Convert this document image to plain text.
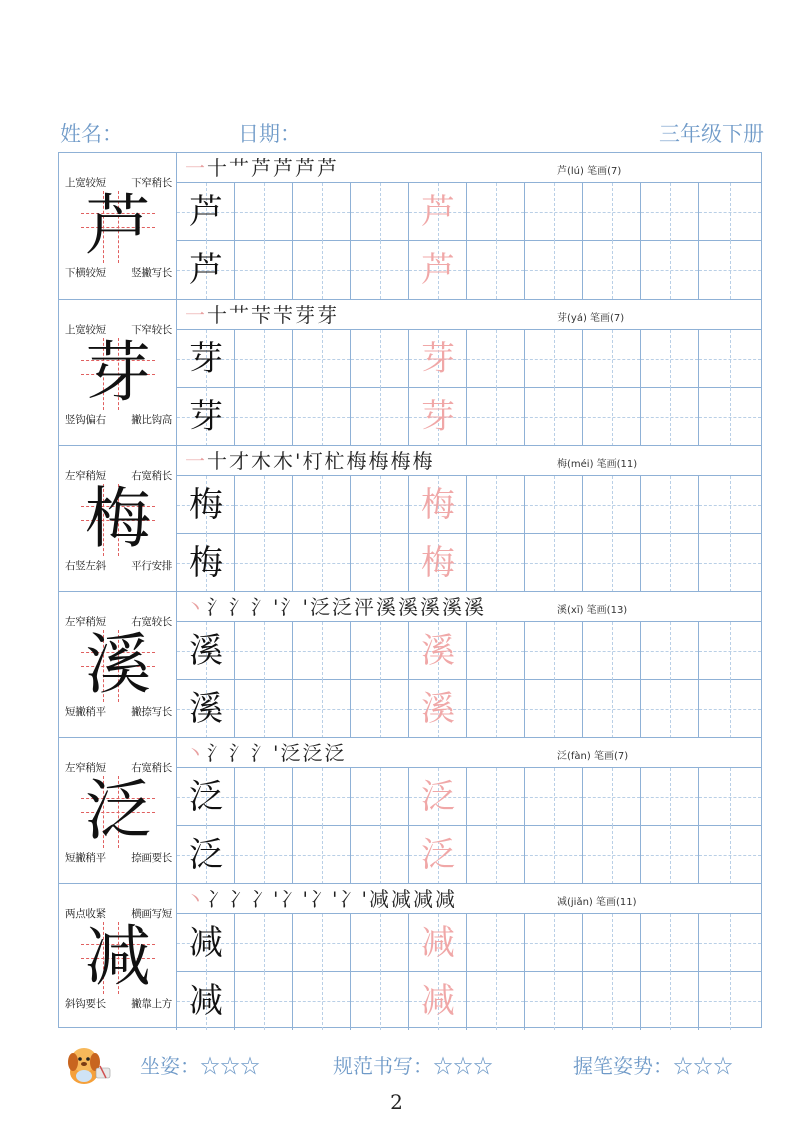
姓名：	日期：	三年级下册
上宽较短 下窄稍长
下横较短 竖撇写长
芦
一十艹芦芦芦芦	芦(lú) 笔画(7)
芦	芦
芦	芦
上宽较短 下窄较长
竖钩偏右 撇比钩高
芽
一十艹芐芐芽芽	芽(yá) 笔画(7)
芽	芽
芽	芽
左窄稍短 右宽稍长
右竖左斜 平行安排
梅
一十才木木'朾杧梅梅梅梅	梅(méi) 笔画(11)
梅	梅
梅	梅
左窄稍短 右宽较长
短撇稍平 撇捺写长
溪
丶氵氵氵'氵'泛泛泙溪溪溪溪溪	溪(xī) 笔画(13)
溪	溪
溪	溪
左窄稍短 右宽稍长
短撇稍平 捺画要长
泛
丶氵氵氵'泛泛泛	泛(fàn) 笔画(7)
泛	泛
泛	泛
两点收紧 横画写短
斜钩要长 撇靠上方
减
丶冫冫冫'冫'冫'冫'减减减减	减(jiǎn) 笔画(11)
减	减
减	减
坐姿：☆☆☆	规范书写：☆☆☆	握笔姿势：☆☆☆
2
